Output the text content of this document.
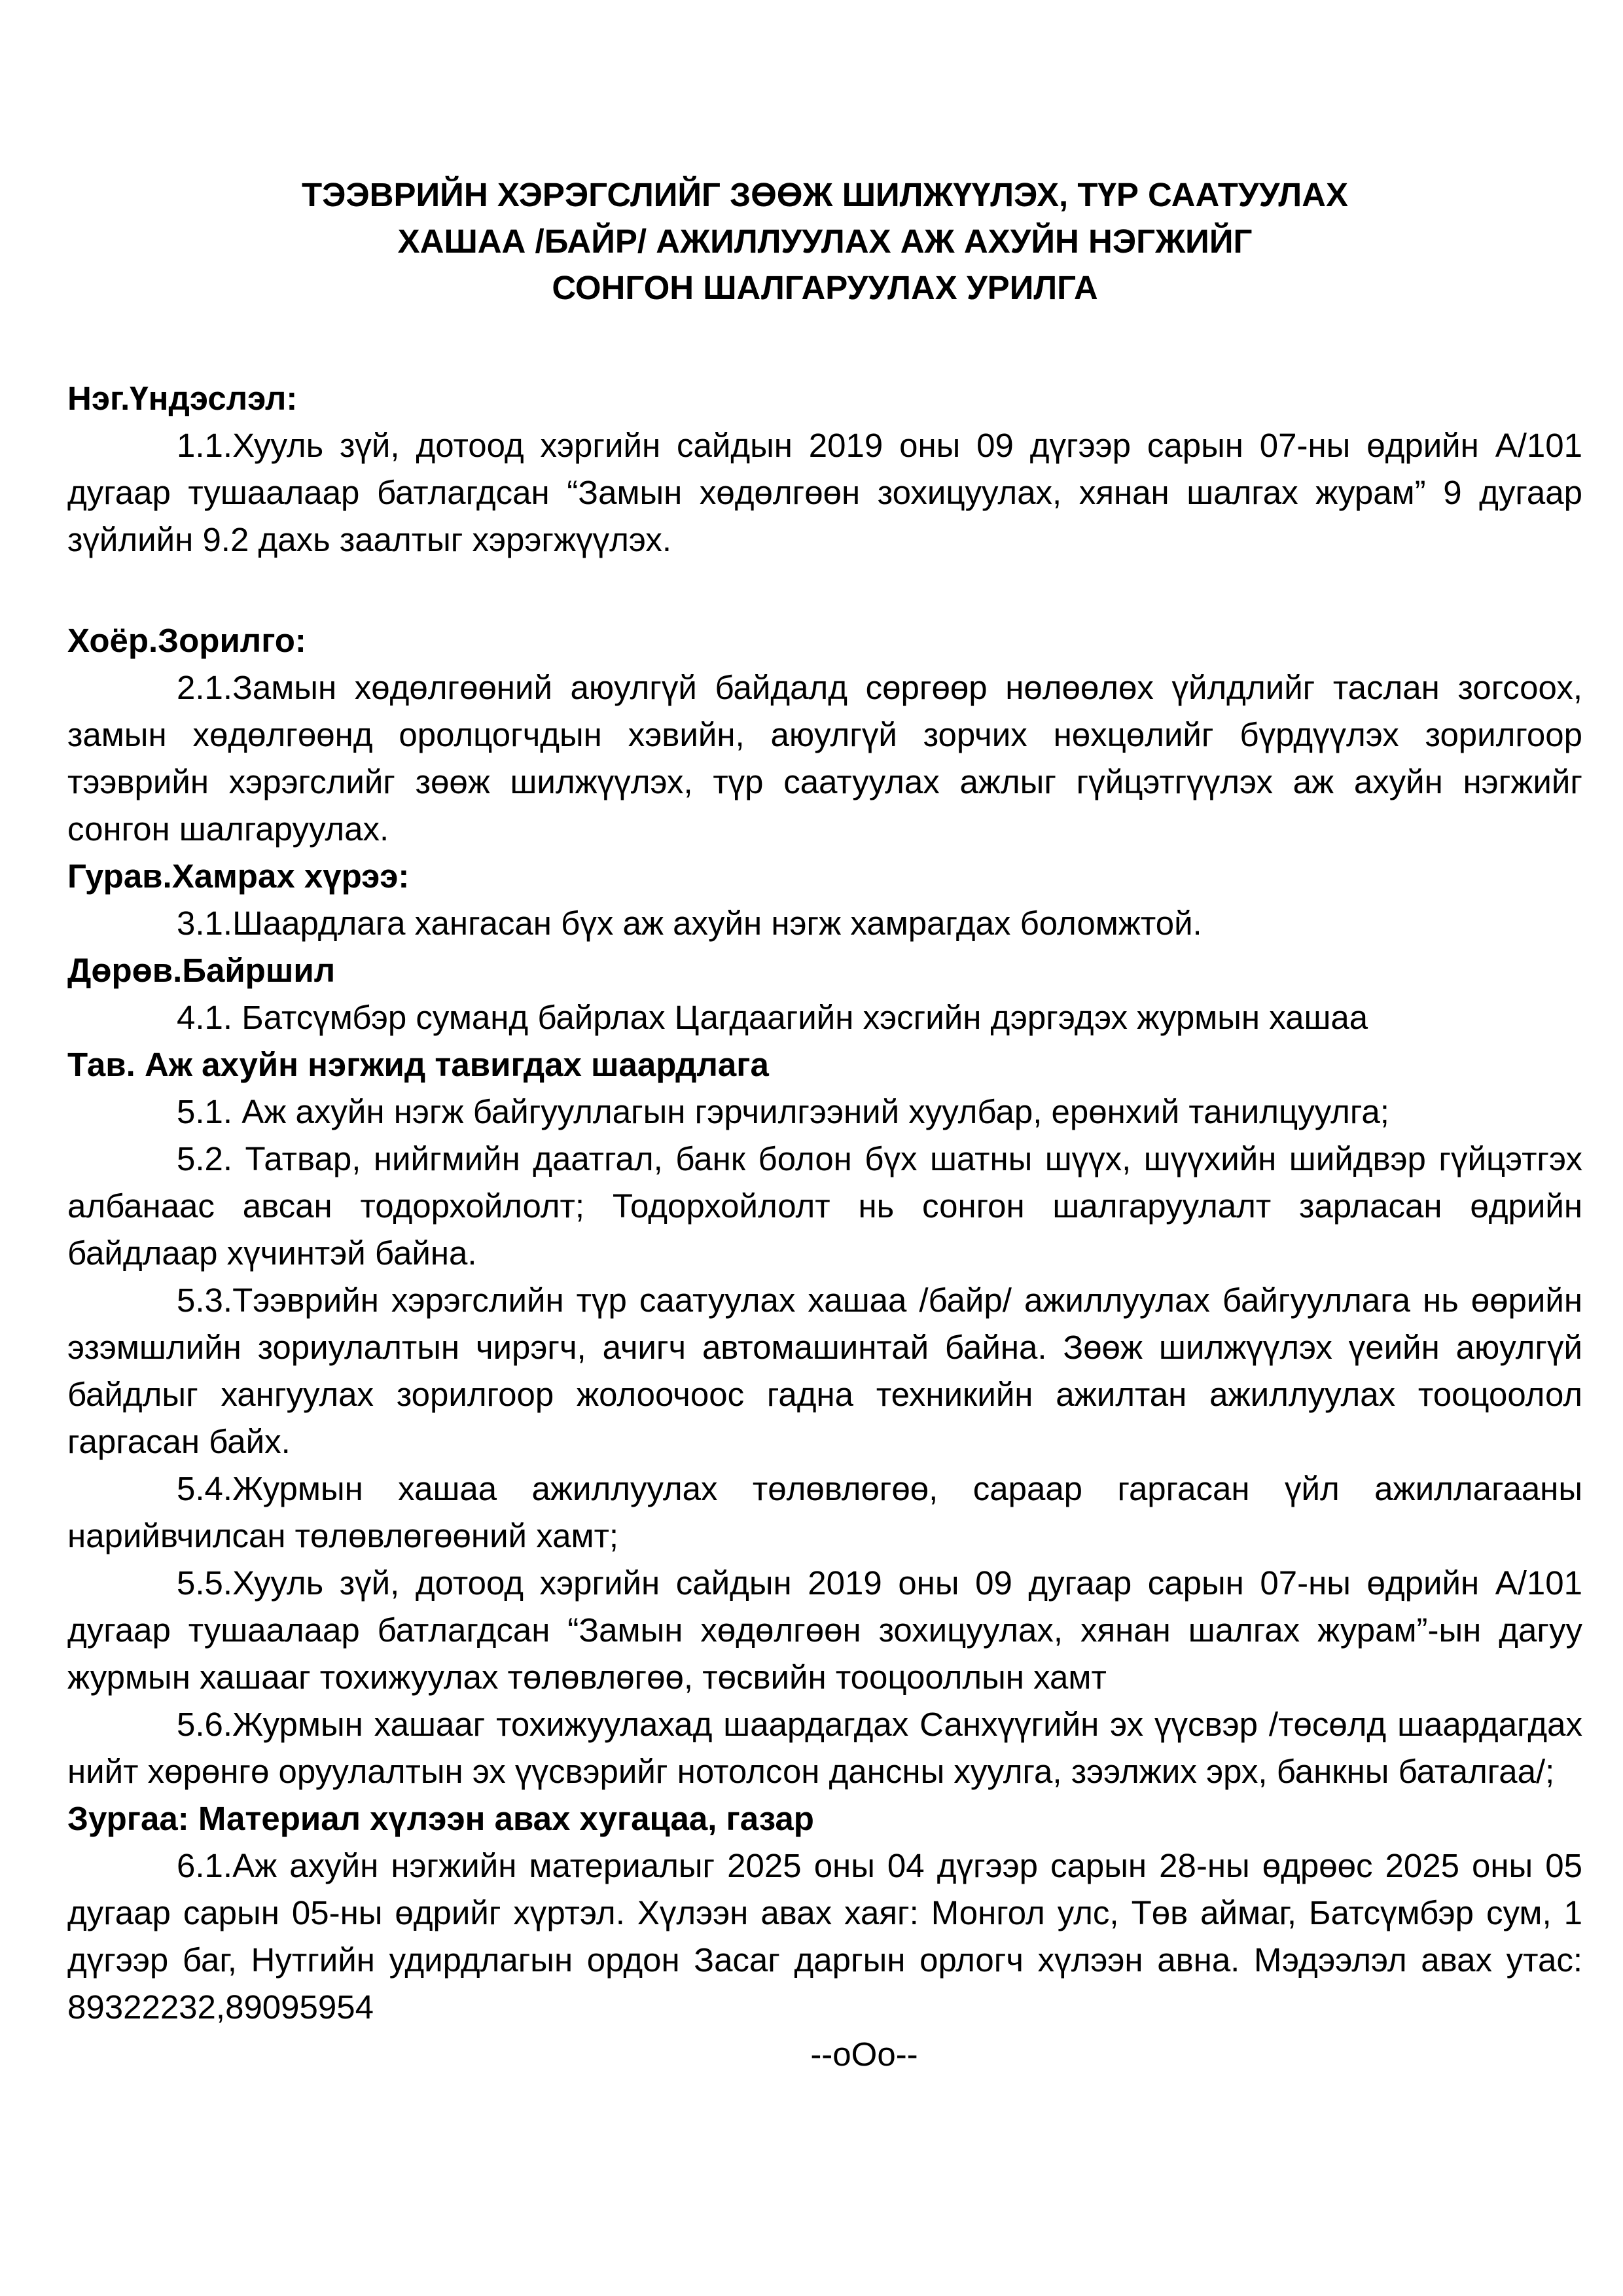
ТЭЭВРИЙН ХЭРЭГСЛИЙГ ЗӨӨЖ ШИЛЖҮҮЛЭХ, ТҮР СААТУУЛАХ
ХАШАА /БАЙР/ АЖИЛЛУУЛАХ АЖ АХУЙН НЭГЖИЙГ
СОНГОН ШАЛГАРУУЛАХ УРИЛГА

Нэг.Үндэслэл:

1.1.Хууль зүй, дотоод хэргийн сайдын 2019 оны 09 дүгээр сарын 07-ны өдрийн А/101 дугаар тушаалаар батлагдсан “Замын хөдөлгөөн зохицуулах, хянан шалгах журам” 9 дугаар зүйлийн 9.2 дахь заалтыг хэрэгжүүлэх.

Хоёр.Зорилго:

2.1.Замын хөдөлгөөний аюулгүй байдалд сөргөөр нөлөөлөх үйлдлийг таслан зогсоох, замын хөдөлгөөнд оролцогчдын хэвийн, аюулгүй зорчих нөхцөлийг бүрдүүлэх зорилгоор тээврийн хэрэгслийг зөөж шилжүүлэх, түр саатуулах ажлыг гүйцэтгүүлэх аж ахуйн нэгжийг сонгон шалгаруулах.

Гурав.Хамрах хүрээ:

3.1.Шаардлага хангасан бүх аж ахуйн нэгж хамрагдах боломжтой.

Дөрөв.Байршил

4.1. Батсүмбэр суманд байрлах Цагдаагийн хэсгийн дэргэдэх журмын хашаа

Тав. Аж ахуйн нэгжид тавигдах шаардлага

5.1. Аж ахуйн нэгж байгууллагын гэрчилгээний хуулбар, ерөнхий танилцуулга;

5.2. Татвар, нийгмийн даатгал, банк болон бүх шатны шүүх, шүүхийн шийдвэр гүйцэтгэх албанаас авсан тодорхойлолт; Тодорхойлолт нь сонгон шалгаруулалт зарласан өдрийн байдлаар хүчинтэй байна.

5.3.Тээврийн хэрэгслийн түр саатуулах хашаа /байр/ ажиллуулах байгууллага нь өөрийн эзэмшлийн зориулалтын чирэгч, ачигч автомашинтай байна. Зөөж шилжүүлэх үеийн аюулгүй байдлыг хангуулах зорилгоор жолоочоос гадна техникийн ажилтан ажиллуулах тооцоолол гаргасан байх.

5.4.Журмын хашаа ажиллуулах төлөвлөгөө, сараар гаргасан үйл ажиллагааны нарийвчилсан төлөвлөгөөний хамт;

5.5.Хууль зүй, дотоод хэргийн сайдын 2019 оны 09 дугаар сарын 07-ны өдрийн А/101 дугаар тушаалаар батлагдсан “Замын хөдөлгөөн зохицуулах, хянан шалгах журам”-ын дагуу журмын хашааг тохижуулах төлөвлөгөө, төсвийн тооцооллын хамт

5.6.Журмын хашааг тохижуулахад шаардагдах Санхүүгийн эх үүсвэр /төсөлд шаардагдах нийт хөрөнгө оруулалтын эх үүсвэрийг нотолсон дансны хуулга, зээлжих эрх, банкны баталгаа/;

Зургаа: Материал хүлээн авах хугацаа, газар

6.1.Аж ахуйн нэгжийн материалыг 2025 оны 04 дүгээр сарын 28-ны өдрөөс 2025 оны 05 дугаар сарын 05-ны өдрийг хүртэл. Хүлээн авах хаяг: Монгол улс, Төв аймаг, Батсүмбэр сум, 1 дүгээр баг, Нутгийн удирдлагын ордон Засаг даргын орлогч хүлээн авна. Мэдээлэл авах утас: 89322232,89095954

--оОо--
